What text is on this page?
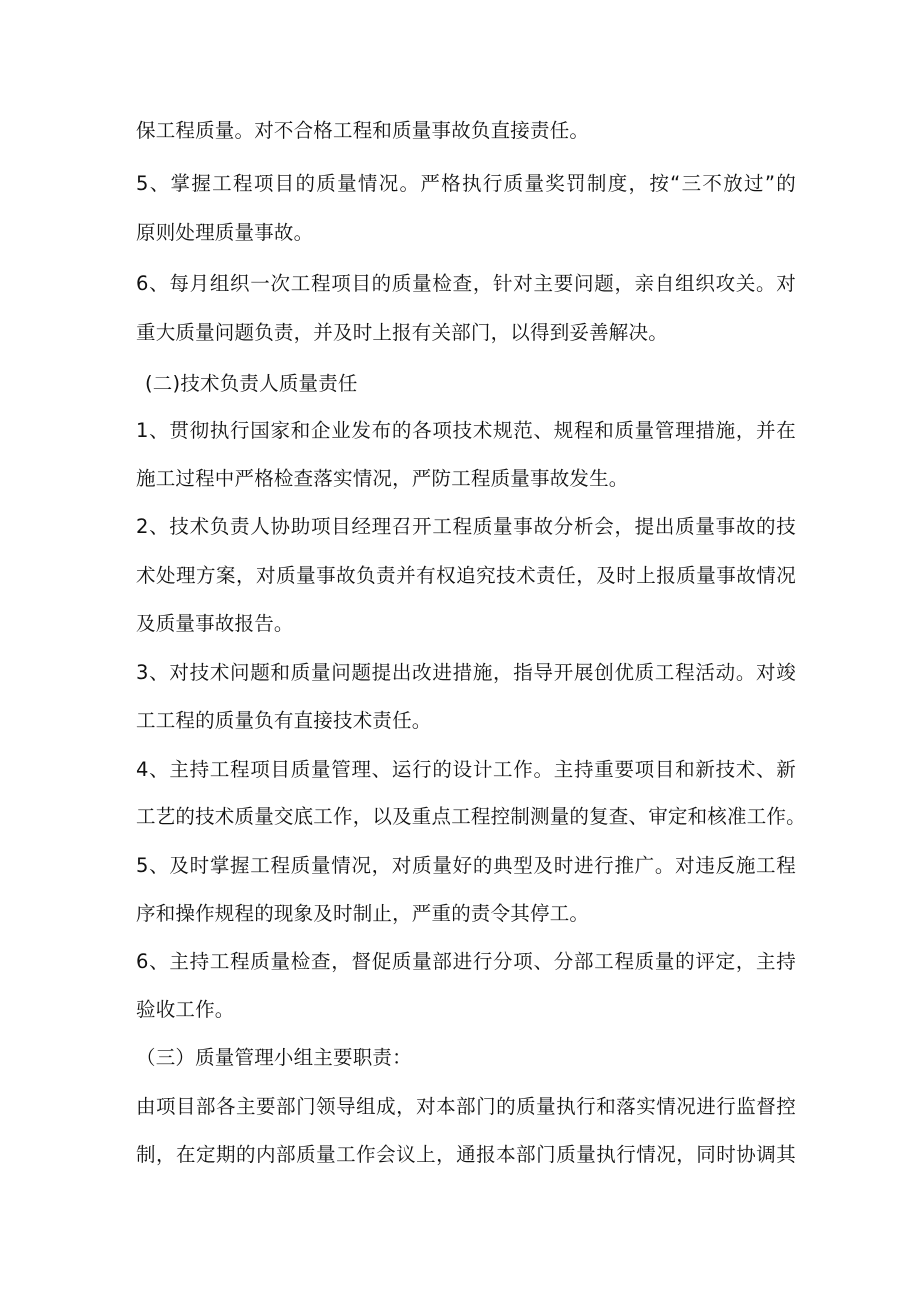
保工程质量。对不合格工程和质量事故负直接责任。
5、掌握工程项目的质量情况。严格执行质量奖罚制度，按“三不放过”的
原则处理质量事故。
6、每月组织一次工程项目的质量检查，针对主要问题，亲自组织攻关。对
重大质量问题负责，并及时上报有关部门，以得到妥善解决。
(二)技术负责人质量责任
1、贯彻执行国家和企业发布的各项技术规范、规程和质量管理措施，并在
施工过程中严格检查落实情况，严防工程质量事故发生。
2、技术负责人协助项目经理召开工程质量事故分析会，提出质量事故的技
术处理方案，对质量事故负责并有权追究技术责任，及时上报质量事故情况
及质量事故报告。
3、对技术问题和质量问题提出改进措施，指导开展创优质工程活动。对竣
工工程的质量负有直接技术责任。
4、主持工程项目质量管理、运行的设计工作。主持重要项目和新技术、新
工艺的技术质量交底工作，以及重点工程控制测量的复查、审定和核准工作。
5、及时掌握工程质量情况，对质量好的典型及时进行推广。对违反施工程
序和操作规程的现象及时制止，严重的责令其停工。
6、主持工程质量检查，督促质量部进行分项、分部工程质量的评定，主持
验收工作。
（三）质量管理小组主要职责：
由项目部各主要部门领导组成，对本部门的质量执行和落实情况进行监督控
制，在定期的内部质量工作会议上，通报本部门质量执行情况，同时协调其
